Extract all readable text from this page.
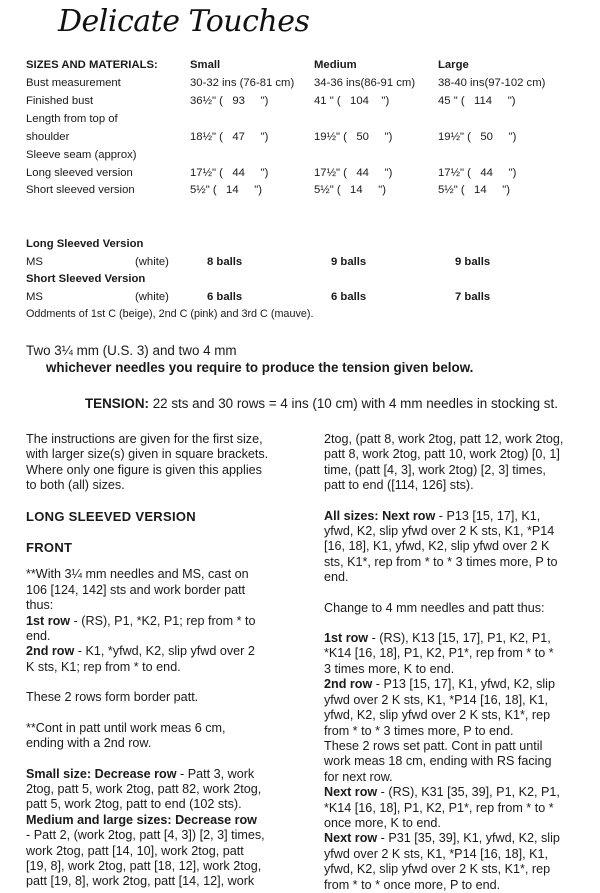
Delicate Touches
SIZES AND MATERIALS:	Small	Medium	Large
Bust measurement	30-32 ins (76-81 cm) 34-36 ins(86-91 cm) 38-40 ins(97-102 cm)
Finished bust	36½" (   93     ")	41 " (   104    ")	45 " (   114     ")
Length from top of
shoulder	18½" (   47     ")	19½" (   50     ")	19½" (   50     ")
Sleeve seam (approx)
Long sleeved version	17½" (   44     ")	17½" (   44     ")	17½" (   44     ")
Short sleeved version	5½" (   14     ")	5½" (   14     ")	5½" (   14     ")
Long Sleeved Version
MS	(white)	8 balls	9 balls	9 balls
Short Sleeved Version
MS	(white)	6 balls	6 balls	7 balls
Oddments of 1st C (beige), 2nd C (pink) and 3rd C (mauve).
Two 3¼ mm (U.S. 3) and two 4 mm
whichever needles you require to produce the tension given below.
TENSION: 22 sts and 30 rows = 4 ins (10 cm) with 4 mm needles in stocking st.
The instructions are given for the first size,
with larger size(s) given in square brackets.
Where only one figure is given this applies
to both (all) sizes.
LONG SLEEVED VERSION
FRONT
**With 3¼ mm needles and MS, cast on
106 [124, 142] sts and work border patt
thus:
1st row - (RS), P1, *K2, P1; rep from * to
end.
2nd row - K1, *yfwd, K2, slip yfwd over 2
K sts, K1; rep from * to end.
These 2 rows form border patt.
**Cont in patt until work meas 6 cm,
ending with a 2nd row.
Small size: Decrease row - Patt 3, work
2tog, patt 5, work 2tog, patt 82, work 2tog,
patt 5, work 2tog, patt to end (102 sts).
Medium and large sizes: Decrease row
- Patt 2, (work 2tog, patt [4, 3]) [2, 3] times,
work 2tog, patt [14, 10], work 2tog, patt
[19, 8], work 2tog, patt [18, 12], work 2tog,
patt [19, 8], work 2tog, patt [14, 12], work
2tog, (patt 8, work 2tog, patt 12, work 2tog,
patt 8, work 2tog, patt 10, work 2tog) [0, 1]
time, (patt [4, 3], work 2tog) [2, 3] times,
patt to end ([114, 126] sts).
All sizes: Next row - P13 [15, 17], K1,
yfwd, K2, slip yfwd over 2 K sts, K1, *P14
[16, 18], K1, yfwd, K2, slip yfwd over 2 K
sts, K1*, rep from * to * 3 times more, P to
end.
Change to 4 mm needles and patt thus:
1st row - (RS), K13 [15, 17], P1, K2, P1,
*K14 [16, 18], P1, K2, P1*, rep from * to *
3 times more, K to end.
2nd row - P13 [15, 17], K1, yfwd, K2, slip
yfwd over 2 K sts, K1, *P14 [16, 18], K1,
yfwd, K2, slip yfwd over 2 K sts, K1*, rep
from * to * 3 times more, P to end.
These 2 rows set patt. Cont in patt until
work meas 18 cm, ending with RS facing
for next row.
Next row - (RS), K31 [35, 39], P1, K2, P1,
*K14 [16, 18], P1, K2, P1*, rep from * to *
once more, K to end.
Next row - P31 [35, 39], K1, yfwd, K2, slip
yfwd over 2 K sts, K1, *P14 [16, 18], K1,
yfwd, K2, slip yfwd over 2 K sts, K1*, rep
from * to * once more, P to end.
